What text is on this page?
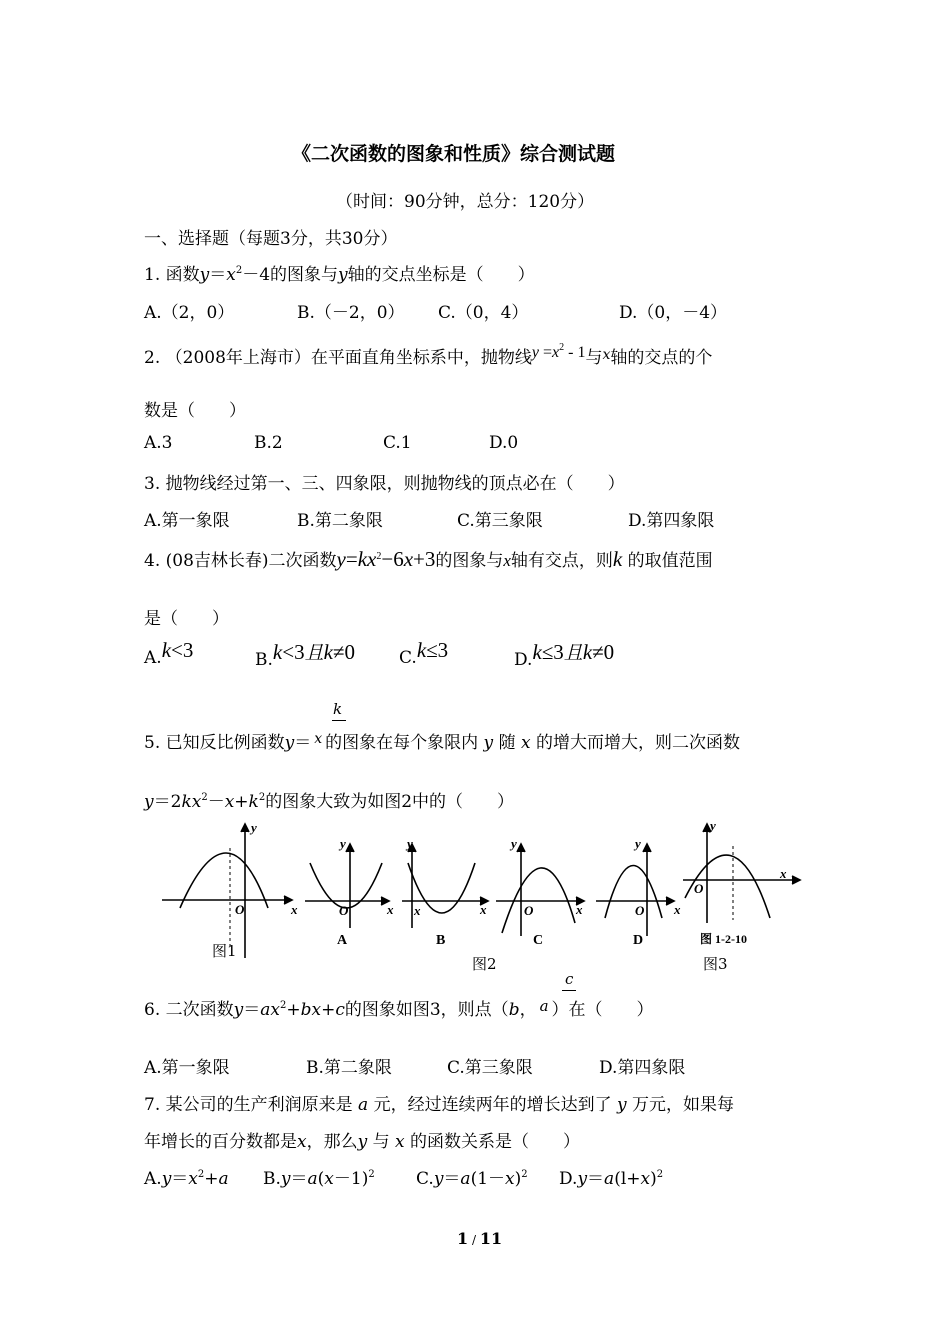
《二次函数的图象和性质》综合测试题
（时间：90分钟，总分：120分）
一、选择题（每题3分，共30分）
1. 函数$y=x^2-4$的图象与y轴的交点坐标是（　　）
A.（2，0）	B.（－2，0） C.（0，4）	D.（0，－4）
2. （2008年上海市）在平面直角坐标系中，抛物线$y =x^2 - 1$与$^x$轴的交点的个
数是（　　）
A.3	B.2	C.1	D.0
3. 抛物线经过第一、三、四象限，则抛物线的顶点必在（　　）
A.第一象限	B.第二象限	C.第三象限	D.第四象限
4. (08吉林长春)二次函数$y=kx^2-6x+3$的图象与x轴有交点，则k 的取值范围
是（　　）
A.k<3	B.k<3且k≠0	C.k≤3	D.k≤3且k≠0
k
5. 已知反比例函数y＝ $^x$ 的图象在每个象限内 y 随 x 的增大而增大，则二次函数
$y=2kx^2-x+k^2$的图象大致为如图2中的（　　）
y
O	x
y
O	x
y
x	x
y
O	x
y
O x
y
O
x
A	B	C	D	图 1-2-10
图1
图2	图3
c
6. 二次函数$y=ax^2+bx+c$的图象如图3，则点（b， a ）在（　　）
A.第一象限	B.第二象限	C.第三象限	D.第四象限
7. 某公司的生产利润原来是 a 元，经过连续两年的增长达到了 y 万元，如果每
年增长的百分数都是x，那么y 与 x 的函数关系是（　　）
$A.y=x^2+a$ $B.y=a(x-1)^2$ $C.y=a(1-x)^2$ $D.y=a(l+x)^2$
1 / 11
